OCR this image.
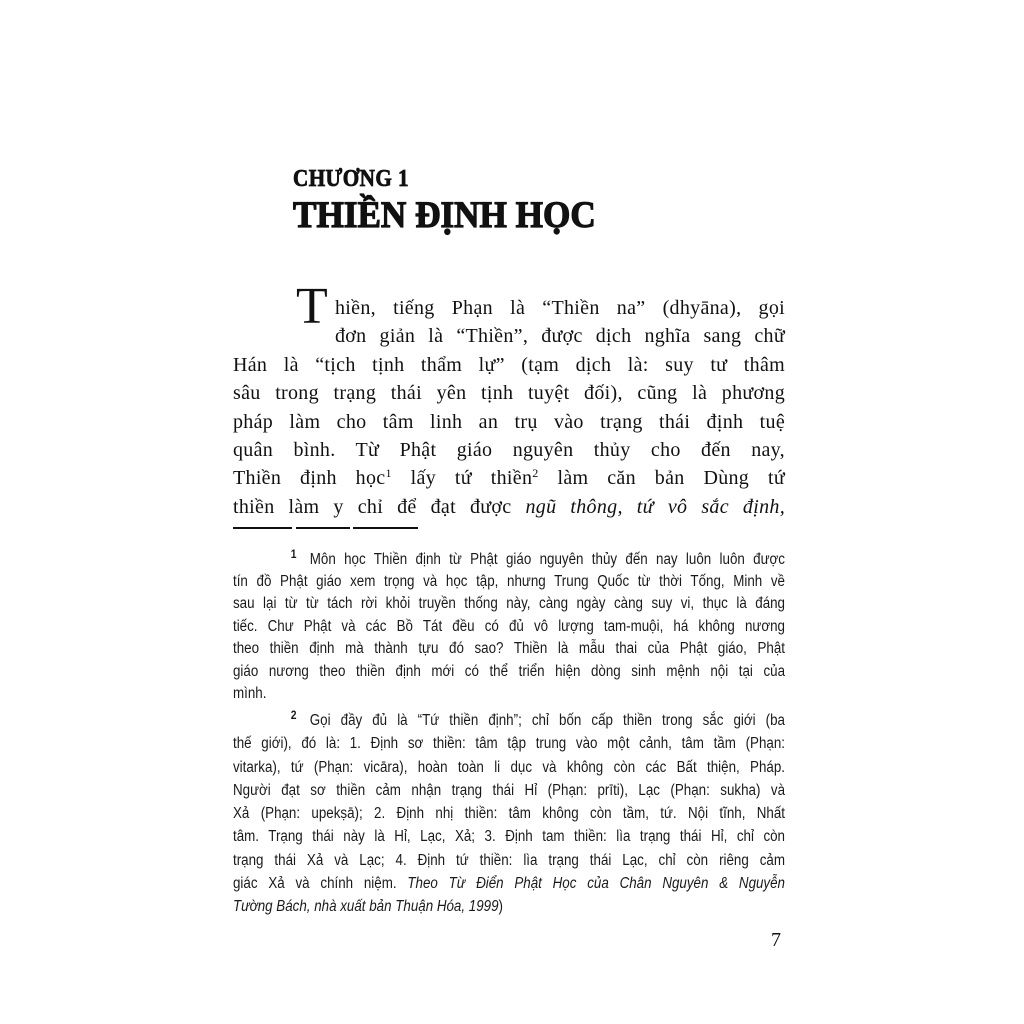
CHƯƠNG 1
THIỀN ĐỊNH HỌC
T hiền, tiếng Phạn là “Thiền na” (dhyāna), gọi
đơn giản là “Thiền”, được dịch nghĩa sang chữ
Hán là “tịch tịnh thẩm lự” (tạm dịch là: suy tư thâm
sâu trong trạng thái yên tịnh tuyệt đối), cũng là phương
pháp làm cho tâm linh an trụ vào trạng thái định tuệ
quân bình. Từ Phật giáo nguyên thủy cho đến nay,
Thiền định học$^1$ lấy tứ thiền$^2$ làm căn bản Dùng tứ
thiền làm y chỉ để đạt được ngũ thông, tứ vô sắc định,
1 Môn học Thiền định từ Phật giáo nguyên thủy đến nay luôn luôn được
tín đồ Phật giáo xem trọng và học tập, nhưng Trung Quốc từ thời Tống, Minh về
sau lại từ từ tách rời khỏi truyền thống này, càng ngày càng suy vi, thục là đáng
tiếc. Chư Phật và các Bồ Tát đều có đủ vô lượng tam-muội, há không nương
theo thiền định mà thành tựu đó sao? Thiền là mẫu thai của Phật giáo, Phật
giáo nương theo thiền định mới có thể triển hiện dòng sinh mệnh nội tại của
mình.
2 Gọi đầy đủ là “Tứ thiền định”; chỉ bốn cấp thiền trong sắc giới (ba
thế giới), đó là: 1. Định sơ thiền: tâm tập trung vào một cảnh, tâm tầm (Phạn:
vitarka), tứ (Phạn: vicāra), hoàn toàn li dục và không còn các Bất thiện, Pháp.
Người đạt sơ thiền cảm nhận trạng thái Hỉ (Phạn: prīti), Lạc (Phạn: sukha) và
Xả (Phạn: upekṣā); 2. Định nhị thiền: tâm không còn tầm, tứ. Nội tĩnh, Nhất
tâm. Trạng thái này là Hỉ, Lạc, Xả; 3. Định tam thiền: lìa trạng thái Hỉ, chỉ còn
trạng thái Xả và Lạc; 4. Định tứ thiền: lìa trạng thái Lạc, chỉ còn riêng cảm
giác Xả và chính niệm. Theo Từ Điển Phật Học của Chân Nguyên & Nguyễn
Tường Bách, nhà xuất bản Thuận Hóa, 1999)
7
